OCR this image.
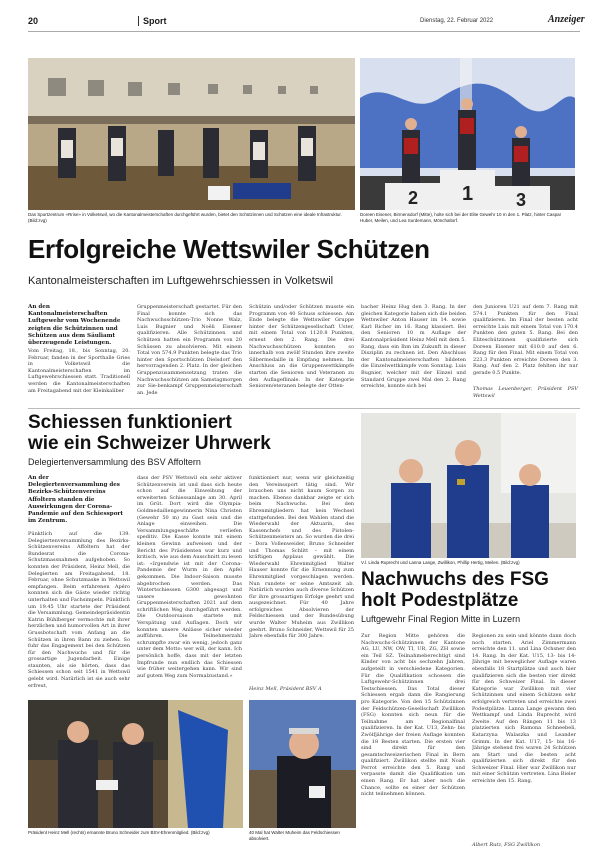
20	Sport	Dienstag, 22. Februar 2022	Anzeiger
Das Sportzentrum «Rrise» in Volketswil, wo die Kantonalmeisterschaften durchgeführt wurden, bietet den Schützinnen und Schützen eine ideale Infrastruktur. (Bild:zvg)
2 1 3
Doreen Eisener, Birmensdorf (Mitte), holte sich bei der Elite Gewehr 10 m den 1. Platz, hinter Caspar Huber, Meilen, und Lea Surdemann, Mönchaltorf.
Erfolgreiche Wettswiler Schützen
Kantonalmeisterschaften im Luftgewehrschiessen in Volketswil
An den Kantonalmeisterschaften Luftgewehr vom Wochenende zeigten die Schützinnen und Schützen aus dem Säuliamt überzeugende Leistungen.
Vom Freitag, 18., bis Sonntag, 20. Februar, fanden in der Sporthalle Gries in Volketswil die Kantonalmeisterschaften im Luftgewehrschiessen statt. Traditionell werden die Kantonalmeisterschaften am Freitagabend mit der Kleinkaliber
Gruppenmeisterschaft gestartet. Für den Final konnte sich das Nachwuchsschützen-Trio Nonne Walz, Luis Bugnier und Noëli Eisener qualifizieren. Alle Schützinnen und Schützen hatten ein Programm von 20 Schüssen zu absolvieren. Mit einem Total von 574.9 Punkten belegte das Trio hinter den Sportschützen Dielsdorf den hervorragenden 2. Platz. In der gleichen Gruppenzusammensetzung traten die Nachwuchsschützen am Samstagmorgen zur Sie-benkampf Gruppenmeisterschaft an. Jede
Schützin und/oder Schützen musste ein Programm von 40 Schuss schiessen. Am Ende belegte die Wettswiler Gruppe hinter der Schützengesellschaft Uster, mit einem Total von 1120.8 Punkten, erneut den 2. Rang. Die drei Nachwuchsschützen konnten so innerhalb von zwölf Stunden ihre zweite Silbermedaille in Empfang nehmen. Im Anschluss an die Gruppenwettkämpfe starten die Senioren und Veteranen zu den Auflageflinale. In der Kategorie Senioren/eteranen belegte der Otten-
bacher Heinz Hug den 3. Rang. In der gleichen Kategorie haben sich die beiden Wettswiler Anton Hauser im 14. sowie Karl Richer im 16. Rang klassiert. Bei den Senioren 10 m Auflage der Kantonalpräsident Heinz Mell mit dem 5. Rang, dass ein Ihm im Zukunft in dieser Disziplin zu rechnen ist. Den Abschluss der Kantonalmeisterschaften bildeten die Einzelwettkämpfe vom Sonntag. Luis Bugnier, welcher mit der Einzel und Standard Gruppe zwei Mal den 2. Rang erreichte, konnte sich bei
den Junioren U21 auf dem 7. Rang mit 574.1 Punkten für den Final qualifizieren. Im Final der besten acht erreichte Luis mit einem Total von 170.4 Punkten den guten 5. Rang. Bei den Eliteschützinnen qualifizierte sich Doreen Eisener mit 610.0 auf den 6. Rang für den Final. Mit einem Total von 223.3 Punkten erreichte Doreen den 3. Rang. Auf den 2. Platz fehlten ihr nur gerade 0.5 Punkte.
Thomas Leuenberger, Präsident PSV Wettswil
Schiessen funktioniert
wie ein Schweizer Uhrwerk
Delegiertenversammlung des BSV Affoltern
An der Delegiertenversammlung des Bezirks-Schützenvereins Affoltern standen die Auswirkungen der Corona-Pandemie auf den Schiessport im Zentrum.
Pünktlich auf die 139. Delegiertenversammlung des Bezirks-Schützenvereins Affoltern hat der Bundesrat die Corona-Schutzmassnahmen aufgehoben. So konnten der Präsident, Heinz Mell, die Delegierten am Freitagabend, 18. Februar, ohne Schutzmaske in Wettswil empfangen. Beim erfahrenen Apéro konnten sich die Gäste wieder richtig unterhalten und Fachsimpeln. Pünktlich um 19.45 Uhr startete der Präsident die Versammlung. Gemeindepräsidentin Katrin Bühlberger vermochte mit ihrer herzlichen und humorvollen Art in ihrer Grussbotschaft vom Anfang an die Schützen in ihren Bann zu ziehen. So fuhr das Engagement bei den Schützen für den Nachwuchs und für die grossartige Jugendarbeit. Einige staunten, als sie hörten, dass das Schiessen schon seit 1541 in Wettswil gelebt wird. Natürlich ist sie auch sehr erfreut,
dass der PSV Wettswil ein sehr aktiver Schützenverein ist und dass sich heute schon auf die Einweihung der erweiterten Schiessanlage am 30. April im Grüt. Dort wird die Olympia-Goldmedaillengewinnerin Nina Christen (Gewehr 50 m) zu Gast sein und die Anlage einweihen. Die Versammlungsgeschäfte verliefen speditiv. Die Kasse konnte mit einem kleinen Gewinn aufweisen und der Bericht des Präsidenten war kurz und kritisch, wie aus dem Ausschnitt zu lesen ist: «Irgendwie ist mit der Corona-Pandemie der Wurm in den Apfel gekommen. Die Indoor-Saison musste abgebrochen werden. Das Wintertschiessen G300 abgesagt und unsere gewohnten Gruppenmeisterschaften 2021 auf dem schriftlichen Weg durchgeführt werden. Die Outdoorsaison startete mit Verspätung und Auflagen. Doch wir konnten unsere Anlässe sicher wieder aufführen. Die Teilnehmerzahl schrumpfte zwar ein wenig, jedoch ganz unter dem Motto: wer will, der kann. Ich persönlich hoffe, dass mit der letzten Impfrunde nun endlich das Schiessen wie früher weitergehen kann. Wir sind auf gutem Weg zum Normalzustand.»
funktioniert nur, wenn wir gleichzeitig den Vereinssport tätig sind. Wir brauchen uns nicht kaum Sorgen zu machen. Ebenso dankbar zeigte er sich beim Nachwuchs. Bei den Ehrenmitgliedern hat kein Wechsel stattgefunden. Bei den Wahlen stand die Wiederwahl der Aktuarin, des Kassenchefs und des Pistolen-Schützenmeisters an. So wurden die drei – Dora Vollenweider, Bruno Schneider und Thomas Schlitt – mit einem kräftigen Applaus gewählt. Die Wiederwahl Ehrenmitglied Walter Hauser konnte für die Ernennung zum Ehrenmitglied vorgeschlagen werden. Nun rundete er seine Amtszeit ab. Natürlich wurden auch diverse Schützen für ihre grossartigen Erfolge geehrt und ausgezeichnet. Für 40 Jahre erfolgreiches Absolvieren der Feldschiessen und der Bundesübung wurde Walter Muheim aus Zwillikon geehrt. Bruno Schneider, Wettswil für 25 Jahre ebenfalls für 300 Jahre.
Heinz Mell, Präsident BSV A
Präsident Heinz Mell (rechts) ernannte Bruno Schneider zum BSV-Ehrenmitglied. (Bild:zvg)	40 Mal hat Walter Muheim das Feldschiessen absolviert.
V.l. Linda Ruprecht und Lanna Lange, Zwillikon, Phillip Hertig, Meilen. (Bild:zvg)
Nachwuchs des FSG
holt Podestplätze
Luftgewehr Final Region Mitte in Luzern
Zur Region Mitte gehören die Nachwuchs-Schützinnen der Kantone AG, LU, NW, OW, TI, UR, ZG, ZH sowie ein Teil SZ. Teilnahmeberechtigt sind Kinder von acht bis sechzehn Jahren, aufgeteilt in verschiedene Kategorien. Für die Qualifikation schossen die Luftgewehr-Schützinnen drei Testschiessen. Das Total dieser Schiessen ergab dann die Rangierung pro Kategorie. Von den 15 Schützinnen der Feldschützen-Gesellschaft Zwillikon (FSG) konnten sich neun für die Teilnahme am Regionalfinal qualifizieren. In der Kat. U13, Zehn- bis Zwölfjährige der freien Auflage konnten die 18 Besten starten. Die ersten vier sind direkt für den gesamtschweizerischen Final in Bern qualifiziert. Zwillikon stellte mit Noah Perrot erreichte den 5. Rang und verpasste damit die Qualifikation um einen Rang. Er hat aber noch die Chance, sollte es einer der Schützen nicht teilnehmen können.
Regionen zu sein und könnte dann doch noch starten. Ariel Zimmermann erreichte den 11. und Lina Ochsner den 14. Rang. In der Kat. U15, 13- bis 14-Jährige mit beweglicher Auflage waren ebenfalls 18 Startplätze und auch hier qualifizieren sich die besten vier direkt für den Schweizer Final. In dieser Kategorie war Zwillikon mit vier Schützinnen und einem Schützen sehr erfolgreich vertreten und erreichte zwei Podestplätze. Lanna Lange gewann den Wettkampf und Linda Ruprecht wird Zweite. Auf den Rängen 11 bis 13 platzierten sich Ramona Schneebeli, Katarzyna Walaszka und Leander Grimm. In der Kat. U17, 15- bis 16-Jährige stehend frei waren 24 Schützen am Start und die besten acht qualifizierten sich direkt für den Schweizer Final. Hier war Zwillikon nur mit einer Schützin vertreten. Lina Bieler erreichte den 15. Rang.
Albert Rutz, FSG Zwillikon
